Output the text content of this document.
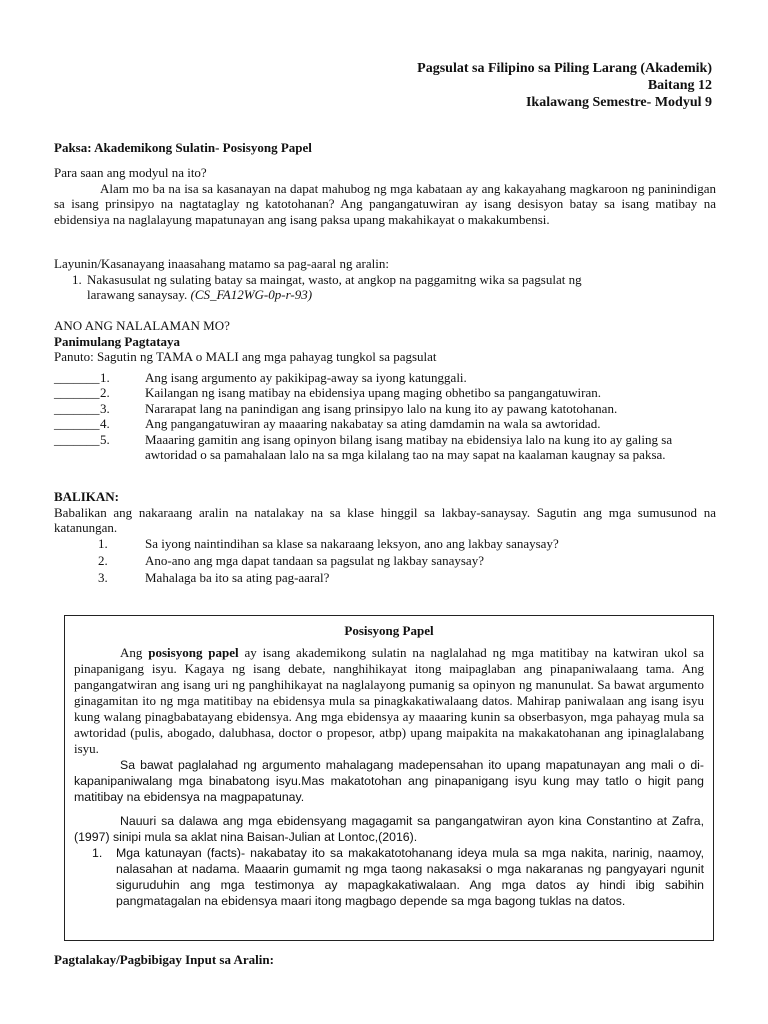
Pagsulat sa Filipino sa Piling Larang (Akademik)
Baitang 12
Ikalawang Semestre- Modyul 9
Paksa: Akademikong Sulatin- Posisyong Papel
Para saan ang modyul na ito?
Alam mo ba na isa sa kasanayan na dapat mahubog ng mga kabataan ay ang kakayahang magkaroon ng paninindigan sa isang prinsipyo na nagtataglay ng katotohanan? Ang pangangatuwiran ay isang desisyon batay sa isang matibay na ebidensiya na naglalayung mapatunayan ang isang paksa upang makahikayat o makakumbensi.
Layunin/Kasanayang inaasahang matamo sa pag-aaral ng aralin:
1. Nakasusulat ng sulating batay sa maingat, wasto, at angkop na paggamitng wika sa pagsulat ng
larawang sanaysay. (CS_FA12WG-0p-r-93)
ANO ANG NALALAMAN MO?
Panimulang Pagtataya
Panuto: Sagutin ng TAMA o MALI ang mga pahayag tungkol sa pagsulat
_______ 1.	Ang isang argumento ay pakikipag-away sa iyong katunggali.
_______ 2.	Kailangan ng isang matibay na ebidensiya upang maging obhetibo sa pangangatuwiran.
_______ 3.	Nararapat lang na panindigan ang isang prinsipyo lalo na kung ito ay pawang katotohanan.
_______ 4.	Ang pangangatuwiran ay maaaring nakabatay sa ating damdamin na wala sa awtoridad.
_______ 5.	Maaaring gamitin ang isang opinyon bilang isang matibay na ebidensiya lalo na kung ito ay galing sa awtoridad o sa pamahalaan lalo na sa mga kilalang tao na may sapat na kaalaman kaugnay sa paksa.
BALIKAN:
Babalikan ang nakaraang aralin na natalakay na sa klase hinggil sa lakbay-sanaysay. Sagutin ang mga sumusunod na katanungan.
1.	Sa iyong naintindihan sa klase sa nakaraang leksyon, ano ang lakbay sanaysay?
2.	Ano-ano ang mga dapat tandaan sa pagsulat ng lakbay sanaysay?
3.	Mahalaga ba ito sa ating pag-aaral?
Posisyong Papel
Ang posisyong papel ay isang akademikong sulatin na naglalahad ng mga matitibay na katwiran ukol sa pinapanigang isyu. Kagaya ng isang debate, nanghihikayat itong maipaglaban ang pinapaniwalaang tama. Ang pangangatwiran ang isang uri ng panghihikayat na naglalayong pumanig sa opinyon ng manunulat. Sa bawat argumento ginagamitan ito ng mga matitibay na ebidensya mula sa pinagkakatiwalaang datos. Mahirap paniwalaan ang isang isyu kung walang pinagbabatayang ebidensya. Ang mga ebidensya ay maaaring kunin sa obserbasyon, mga pahayag mula sa awtoridad (pulis, abogado, dalubhasa, doctor o propesor, atbp) upang maipakita na makakatohanan ang ipinaglalabang isyu.
Sa bawat paglalahad ng argumento mahalagang madepensahan ito upang mapatunayan ang mali o di-kapanipaniwalang mga binabatong isyu.Mas makatotohan ang pinapanigang isyu kung may tatlo o higit pang matitibay na ebidensya na magpapatunay.
Nauuri sa dalawa ang mga ebidensyang magagamit sa pangangatwiran ayon kina Constantino at Zafra, (1997) sinipi mula sa aklat nina Baisan-Julian at Lontoc,(2016).
1. Mga katunayan (facts)- nakabatay ito sa makakatotohanang ideya mula sa mga nakita, narinig, naamoy, nalasahan at nadama. Maaarin gumamit ng mga taong nakasaksi o mga nakaranas ng pangyayari ngunit siguruduhin ang mga testimonya ay mapagkakatiwalaan. Ang mga datos ay hindi ibig sabihin pangmatagalan na ebidensya maari itong magbago depende sa mga bagong tuklas na datos.
Pagtalakay/Pagbibigay Input sa Aralin:
